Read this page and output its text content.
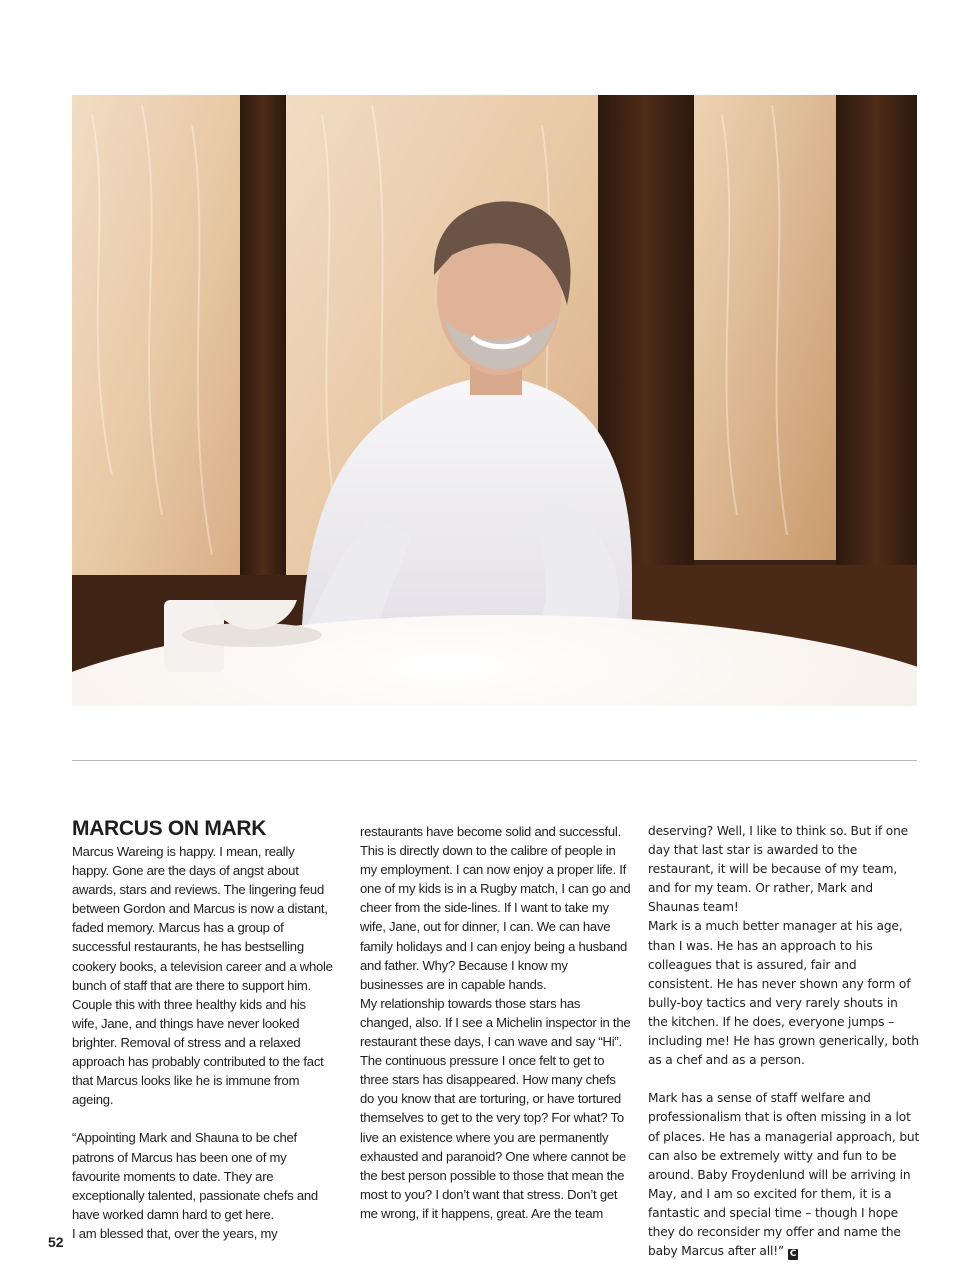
MARCUS ON MARK

Marcus Wareing is happy. I mean, really happy. Gone are the days of angst about awards, stars and reviews. The lingering feud between Gordon and Marcus is now a distant, faded memory. Marcus has a group of successful restaurants, he has bestselling cookery books, a television career and a whole bunch of staff that are there to support him. Couple this with three healthy kids and his wife, Jane, and things have never looked brighter. Removal of stress and a relaxed approach has probably contributed to the fact that Marcus looks like he is immune from ageing.

“Appointing Mark and Shauna to be chef patrons of Marcus has been one of my favourite moments to date. They are exceptionally talented, passionate chefs and have worked damn hard to get here.

I am blessed that, over the years, my

restaurants have become solid and successful. This is directly down to the calibre of people in my employment. I can now enjoy a proper life. If one of my kids is in a Rugby match, I can go and cheer from the side-lines. If I want to take my wife, Jane, out for dinner, I can. We can have family holidays and I can enjoy being a husband and father. Why? Because I know my businesses are in capable hands.

My relationship towards those stars has changed, also. If I see a Michelin inspector in the restaurant these days, I can wave and say “Hi”. The continuous pressure I once felt to get to three stars has disappeared. How many chefs do you know that are torturing, or have tortured themselves to get to the very top? For what? To live an existence where you are permanently exhausted and paranoid? One where cannot be the best person possible to those that mean the most to you? I don’t want that stress. Don’t get me wrong, if it happens, great. Are the team

deserving? Well, I like to think so. But if one day that last star is awarded to the restaurant, it will be because of my team, and for my team. Or rather, Mark and Shaunas team!

Mark is a much better manager at his age, than I was. He has an approach to his colleagues that is assured, fair and consistent. He has never shown any form of bully-boy tactics and very rarely shouts in the kitchen. If he does, everyone jumps – including me! He has grown generically, both as a chef and as a person.

Mark has a sense of staff welfare and professionalism that is often missing in a lot of places. He has a managerial approach, but can also be extremely witty and fun to be around. Baby Froydenlund will be arriving in May, and I am so excited for them, it is a fantastic and special time – though I hope they do reconsider my offer and name the baby Marcus after all!” C

52
